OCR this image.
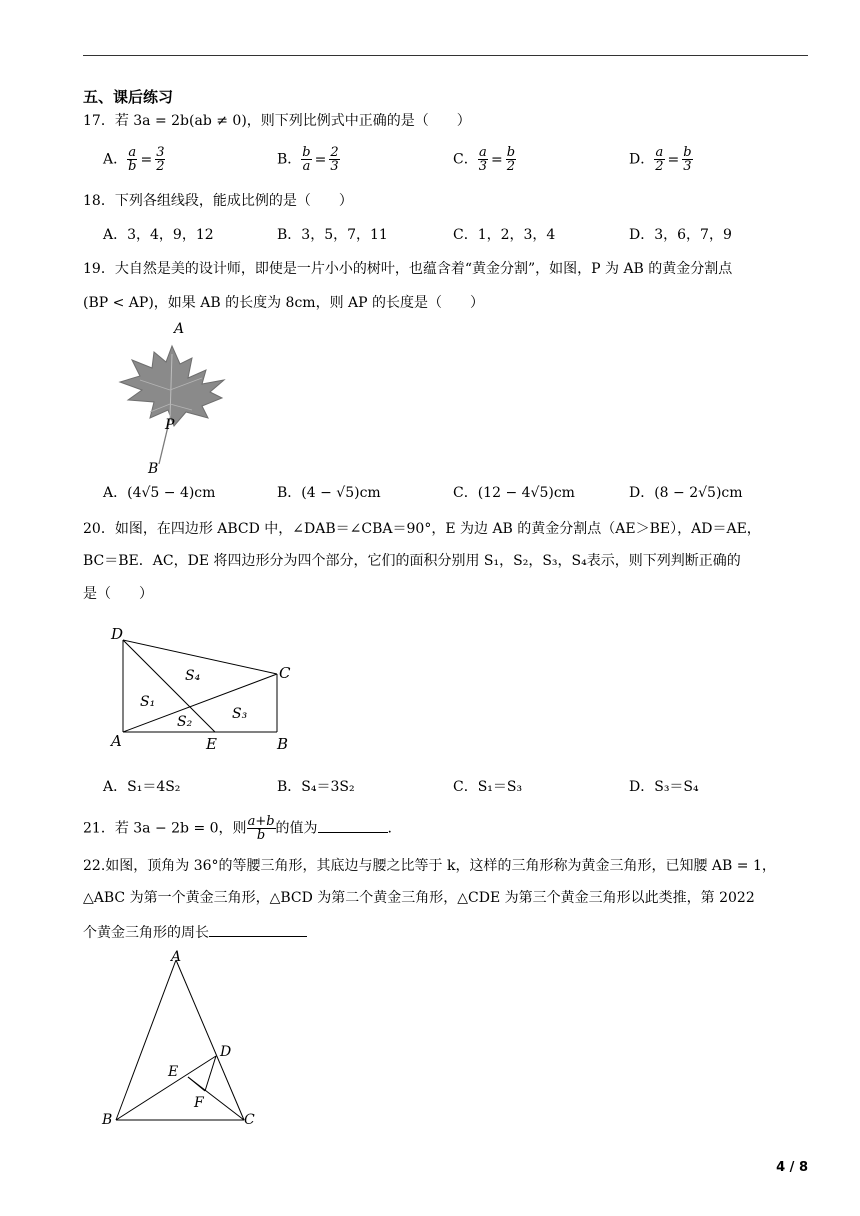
五、课后练习
17．若 3a = 2b(ab ≠ 0)，则下列比例式中正确的是（　　）
A． $\frac{a}{b} = \frac{3}{2}$	B． $\frac{b}{a} = \frac{2}{3}$	C． $\frac{a}{3} = \frac{b}{2}$	D． $\frac{a}{2} = \frac{b}{3}$
18．下列各组线段，能成比例的是（　　）
A．3，4，9，12	B．3，5，7，11	C．1，2，3，4	D．3，6，7，9
19．大自然是美的设计师，即使是一片小小的树叶，也蕴含着“黄金分割”，如图，P 为 AB 的黄金分割点
(BP < AP)，如果 AB 的长度为 8cm，则 AP 的长度是（　　）
A
P
B
A．(4√5 − 4)cm	B．(4 − √5)cm	C．(12 − 4√5)cm	D．(8 − 2√5)cm
20．如图，在四边形 ABCD 中，∠DAB＝∠CBA＝90°，E 为边 AB 的黄金分割点（AE＞BE），AD＝AE，
BC＝BE．AC，DE 将四边形分为四个部分，它们的面积分别用 S₁，S₂，S₃，S₄表示，则下列判断正确的
是（　　）
D
C
A	E	B
S₄
S₁
S₂	S₃
A．S₁＝4S₂	B．S₄＝3S₂	C．S₁＝S₃	D．S₃＝S₄
21．若 3a − 2b = 0，则 $\frac{a+b}{b}$ 的值为	.
22.如图，顶角为 36°的等腰三角形，其底边与腰之比等于 k，这样的三角形称为黄金三角形，已知腰 AB = 1，
△ABC 为第一个黄金三角形，△BCD 为第二个黄金三角形，△CDE 为第三个黄金三角形以此类推，第 2022
个黄金三角形的周长
A
B	C
D
E
F
4 / 8
